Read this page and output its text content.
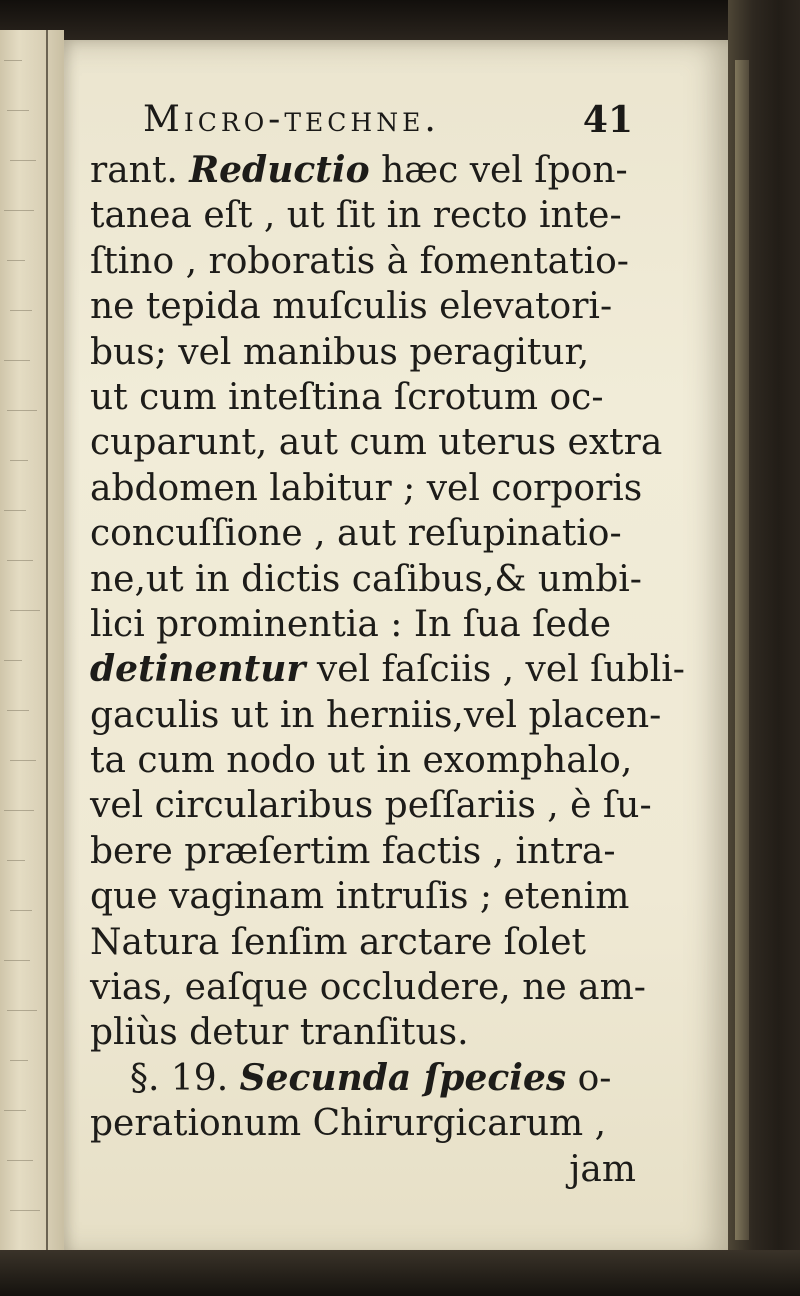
Micro-techne.	41
rant. Reductio hæc vel ſpon-
tanea eſt , ut ſit in recto inte-
ſtino , roboratis à fomentatio-
ne tepida muſculis elevatori-
bus; vel manibus peragitur,
ut cum inteſtina ſcrotum oc-
cuparunt, aut cum uterus extra
abdomen labitur ; vel corporis
concuſſione , aut reſupinatio-
ne,ut in dictis caſibus,& umbi-
lici prominentia : In ſua ſede
detinentur vel faſciis , vel ſubli-
gaculis ut in herniis,vel placen-
ta cum nodo ut in exomphalo,
vel circularibus peſſariis , è ſu-
bere præſertim factis , intra-
que vaginam intruſis ; etenim
Natura ſenſim arctare ſolet
vias, eaſque occludere, ne am-
pliùs detur tranſitus.
§. 19. Secunda ſpecies o-
perationum Chirurgicarum ,
jam
